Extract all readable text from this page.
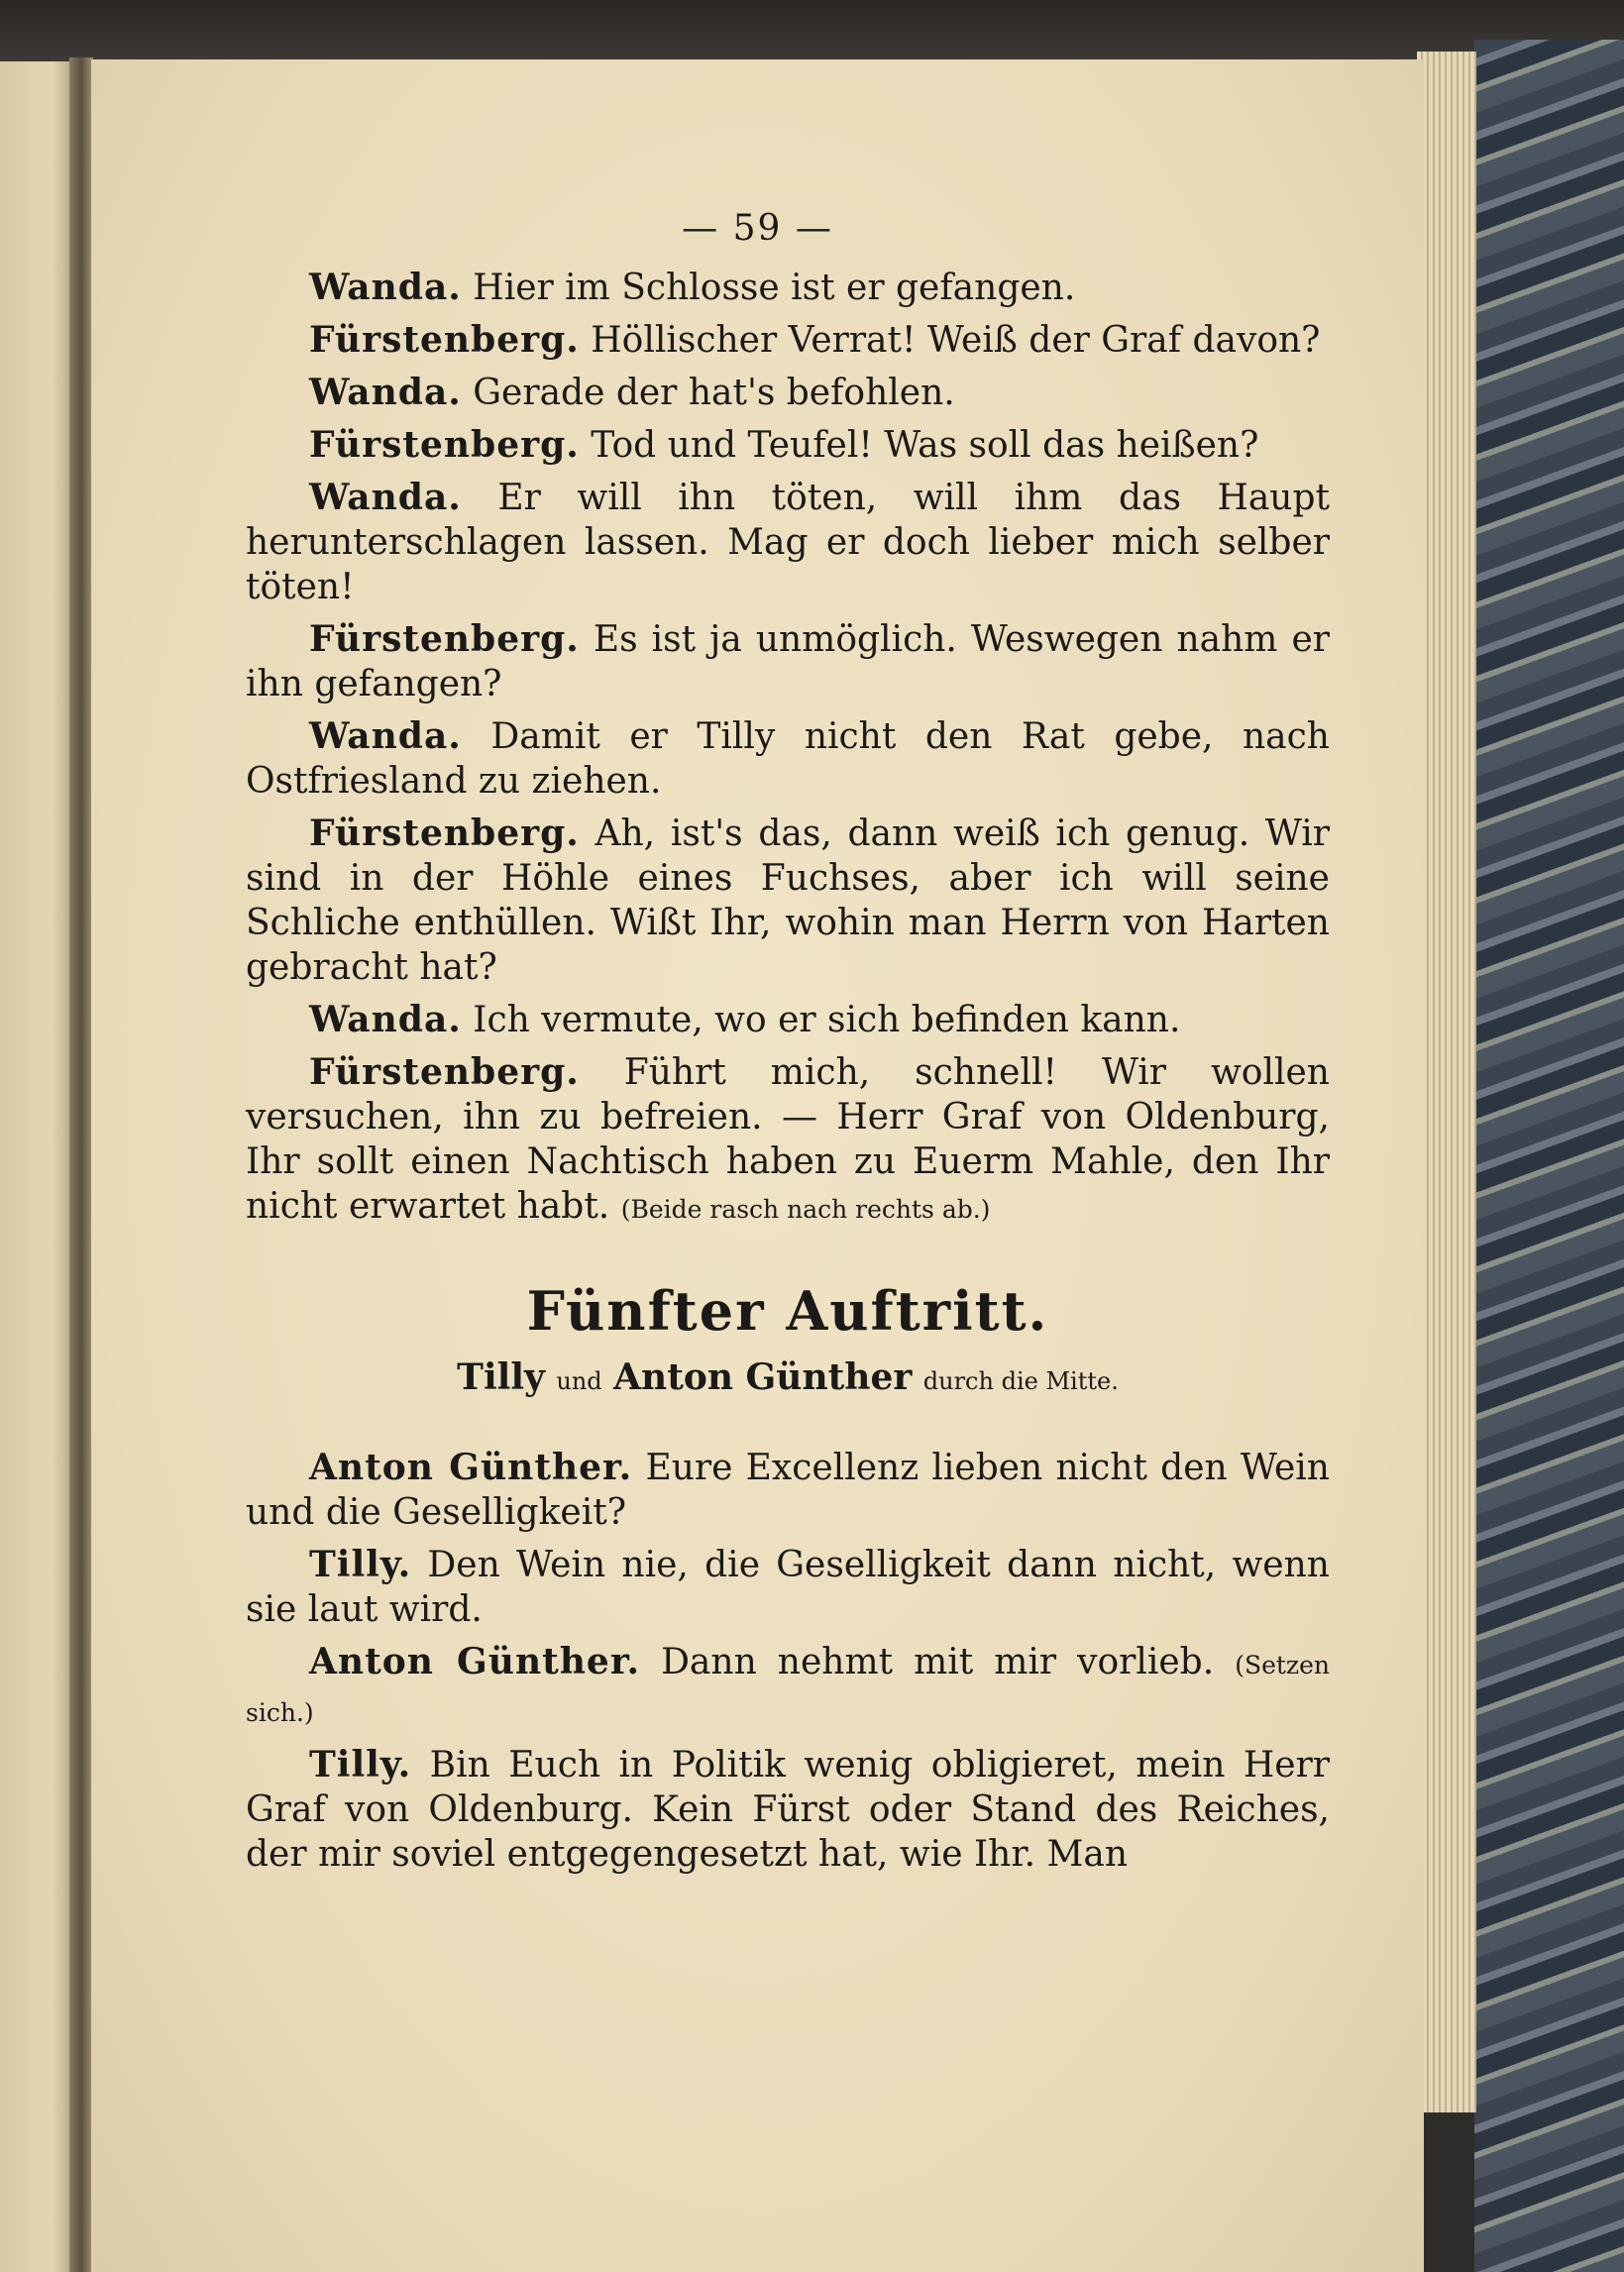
— 59 —

Wanda. Hier im Schlosse ist er gefangen.

Fürstenberg. Höllischer Verrat! Weiß der Graf davon?

Wanda. Gerade der hat's befohlen.

Fürstenberg. Tod und Teufel! Was soll das heißen?

Wanda. Er will ihn töten, will ihm das Haupt herunterschlagen lassen. Mag er doch lieber mich selber töten!

Fürstenberg. Es ist ja unmöglich. Weswegen nahm er ihn gefangen?

Wanda. Damit er Tilly nicht den Rat gebe, nach Ostfriesland zu ziehen.

Fürstenberg. Ah, ist's das, dann weiß ich genug. Wir sind in der Höhle eines Fuchses, aber ich will seine Schliche enthüllen. Wißt Ihr, wohin man Herrn von Harten gebracht hat?

Wanda. Ich vermute, wo er sich befinden kann.

Fürstenberg. Führt mich, schnell! Wir wollen versuchen, ihn zu befreien. — Herr Graf von Oldenburg, Ihr sollt einen Nachtisch haben zu Euerm Mahle, den Ihr nicht erwartet habt. (Beide rasch nach rechts ab.)

Fünfter Auftritt.
Tilly und Anton Günther durch die Mitte.

Anton Günther. Eure Excellenz lieben nicht den Wein und die Geselligkeit?

Tilly. Den Wein nie, die Geselligkeit dann nicht, wenn sie laut wird.

Anton Günther. Dann nehmt mit mir vorlieb. (Setzen sich.)

Tilly. Bin Euch in Politik wenig obligieret, mein Herr Graf von Oldenburg. Kein Fürst oder Stand des Reiches, der mir soviel entgegengesetzt hat, wie Ihr. Man
